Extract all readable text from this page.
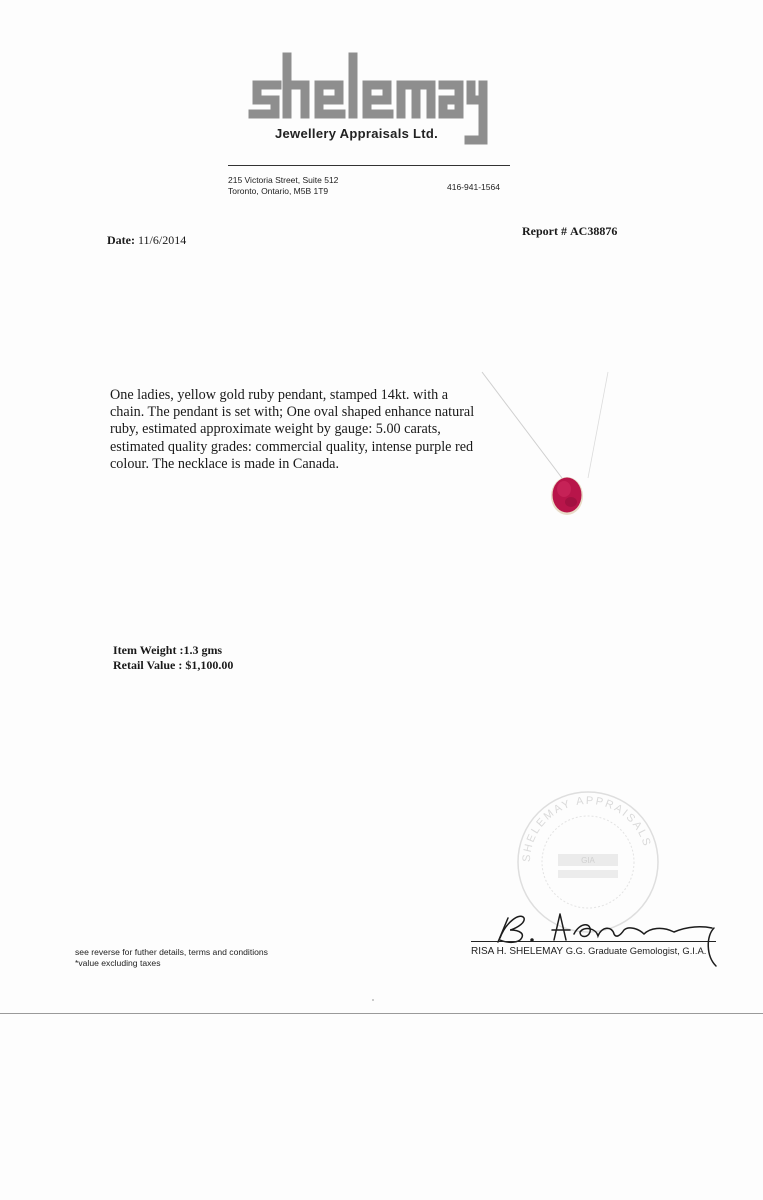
Jewellery Appraisals Ltd.
215 Victoria Street, Suite 512
Toronto, Ontario, M5B 1T9	416-941-1564
Date: 11/6/2014
Report # AC38876
One ladies, yellow gold ruby pendant, stamped 14kt. with a chain. The pendant is set with; One oval shaped enhance natural ruby, estimated approximate weight by gauge: 5.00 carats, estimated quality grades: commercial quality, intense purple red colour. The necklace is made in Canada.
Item Weight :1.3 gms
Retail Value : $1,100.00
SHELEMAY APPRAISALS
GIA
RISA H. SHELEMAY G.G. Graduate Gemologist, G.I.A.
see reverse for futher details, terms and conditions
*value excluding taxes
